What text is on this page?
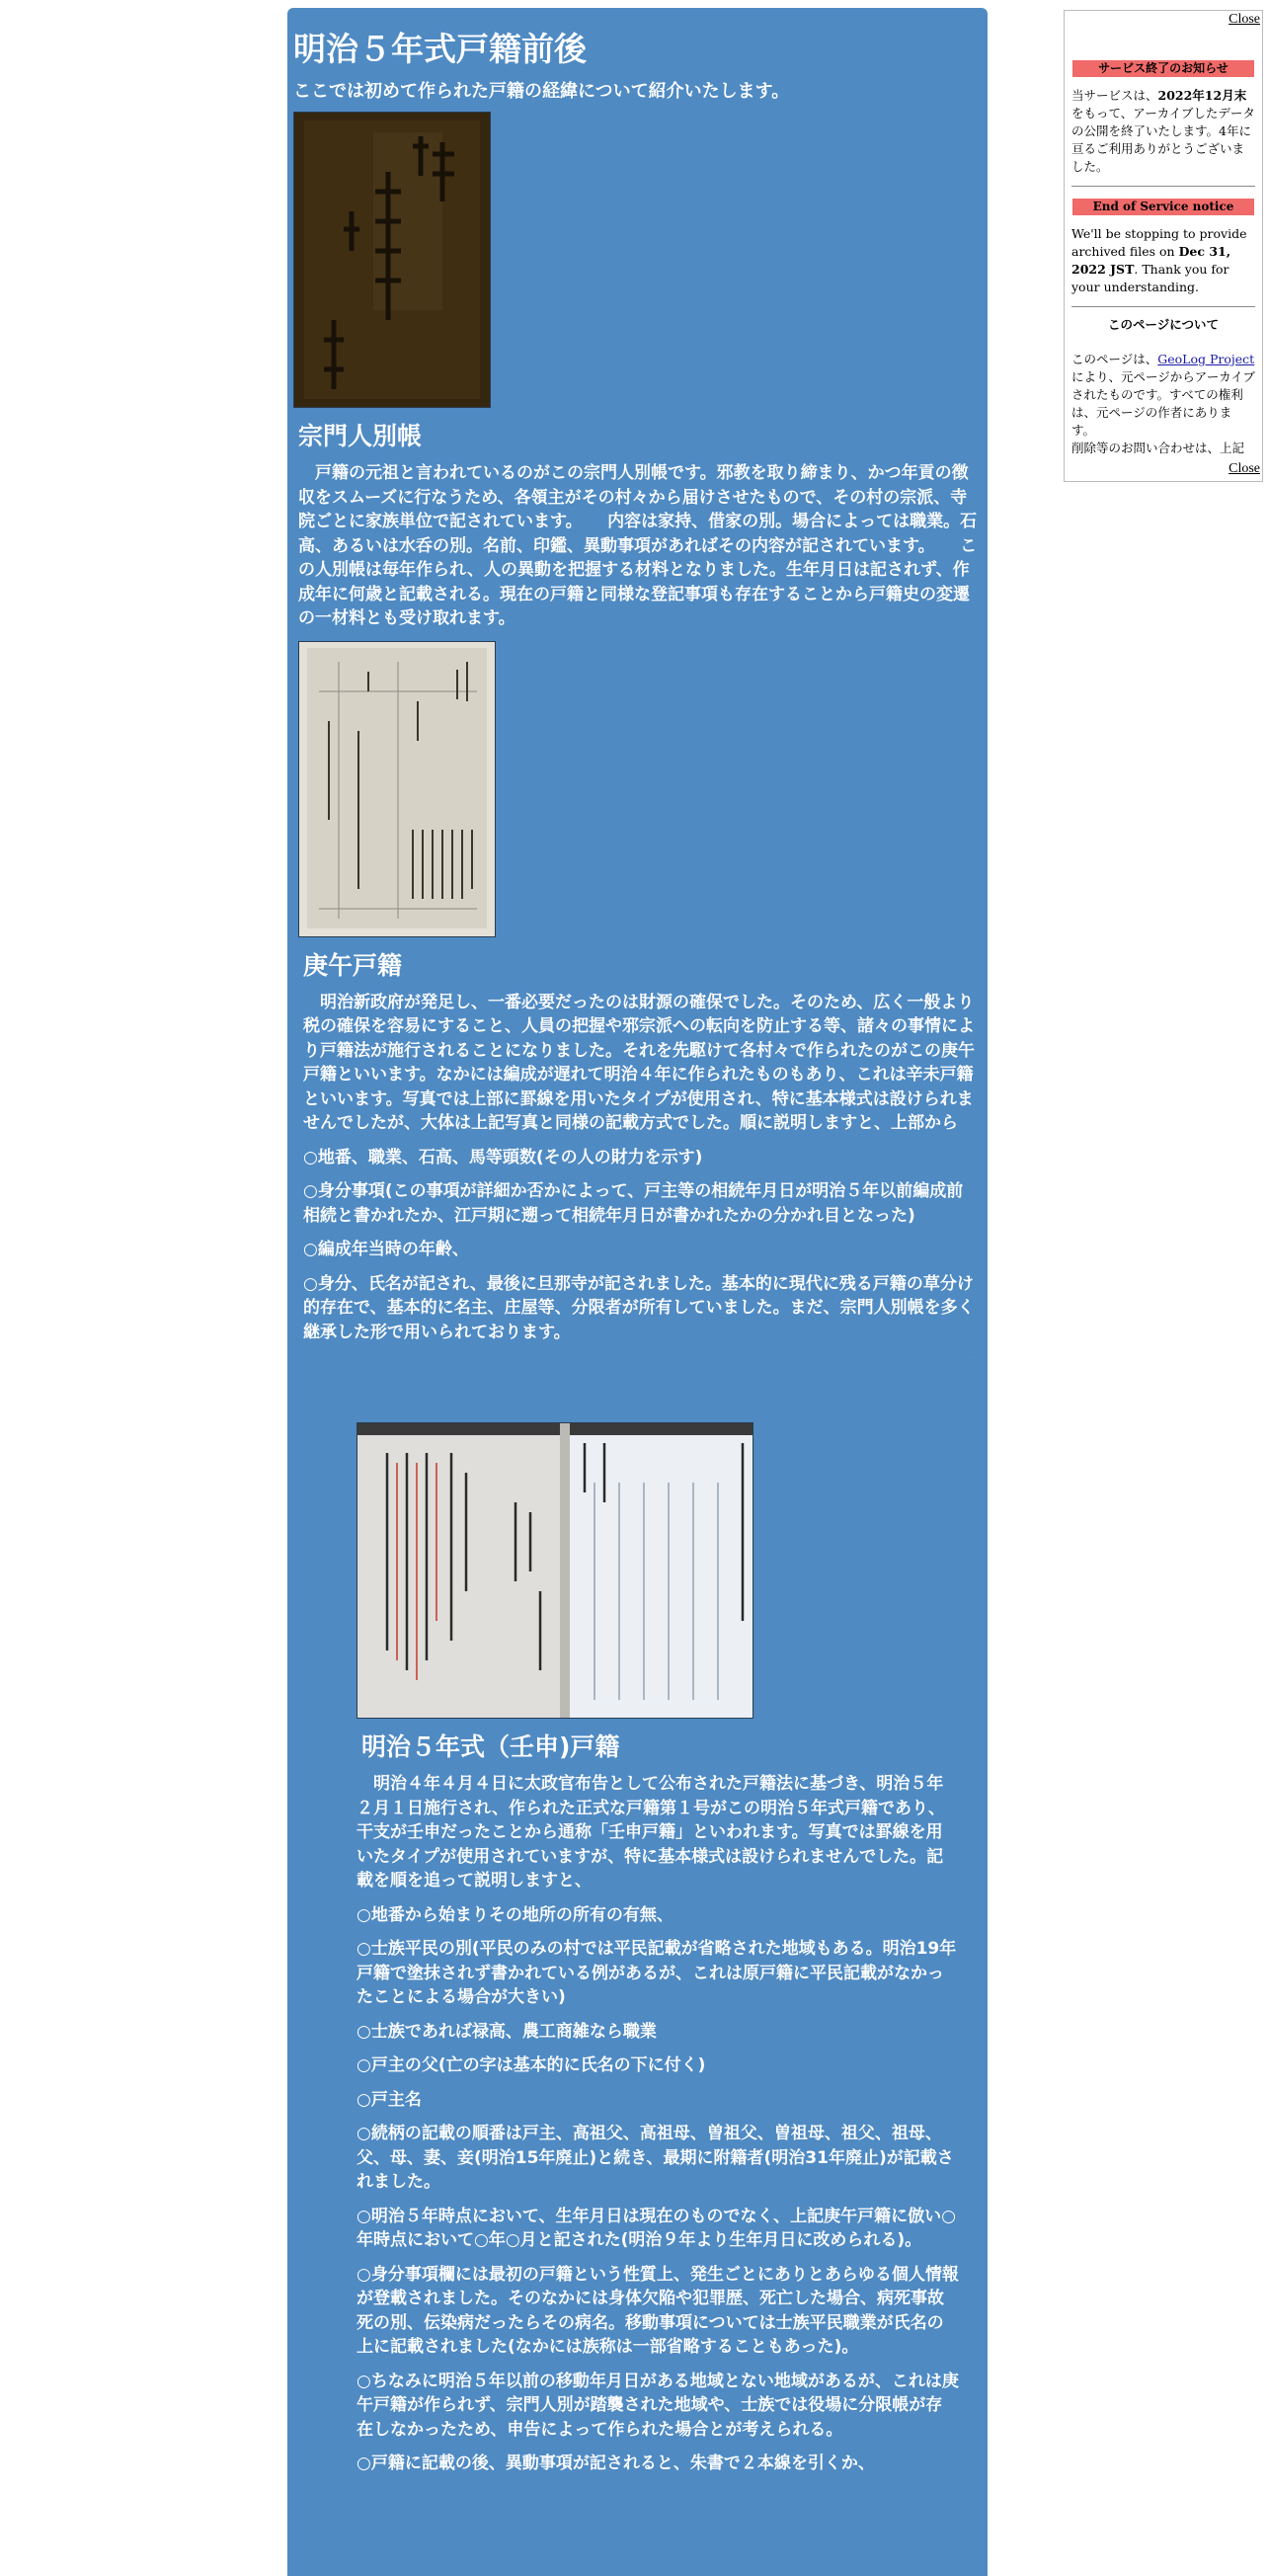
明治５年式戸籍前後

ここでは初めて作られた戸籍の経緯について紹介いたします。

宗門人別帳

　戸籍の元祖と言われているのがこの宗門人別帳です。邪教を取り締まり、かつ年貢の徴収をスムーズに行なうため、各領主がその村々から届けさせたもので、その村の宗派、寺院ごとに家族単位で記されています。　　内容は家持、借家の別。場合によっては職業。石高、あるいは水呑の別。名前、印鑑、異動事項があればその内容が記されています。　　この人別帳は毎年作られ、人の異動を把握する材料となりました。生年月日は記されず、作成年に何歳と記載される。現在の戸籍と同様な登記事項も存在することから戸籍史の変遷の一材料とも受け取れます。

庚午戸籍

　明治新政府が発足し、一番必要だったのは財源の確保でした。そのため、広く一般より税の確保を容易にすること、人員の把握や邪宗派への転向を防止する等、諸々の事情により戸籍法が施行されることになりました。それを先駆けて各村々で作られたのがこの庚午戸籍といいます。なかには編成が遅れて明治４年に作られたものもあり、これは辛未戸籍といいます。写真では上部に罫線を用いたタイプが使用され、特に基本様式は設けられませんでしたが、大体は上記写真と同様の記載方式でした。順に説明しますと、上部から

○地番、職業、石高、馬等頭数(その人の財力を示す)

○身分事項(この事項が詳細か否かによって、戸主等の相続年月日が明治５年以前編成前相続と書かれたか、江戸期に遡って相続年月日が書かれたかの分かれ目となった)

○編成年当時の年齢、

○身分、氏名が記され、最後に旦那寺が記されました。基本的に現代に残る戸籍の草分け的存在で、基本的に名主、庄屋等、分限者が所有していました。まだ、宗門人別帳を多く継承した形で用いられております。

.	.
明治５年式（壬申)戸籍

　明治４年４月４日に太政官布告として公布された戸籍法に基づき、明治５年２月１日施行され、作られた正式な戸籍第１号がこの明治５年式戸籍であり、干支が壬申だったことから通称「壬申戸籍」といわれます。写真では罫線を用いたタイプが使用されていますが、特に基本様式は設けられませんでした。記載を順を追って説明しますと、

○地番から始まりその地所の所有の有無、

○士族平民の別(平民のみの村では平民記載が省略された地域もある。明治19年戸籍で塗抹されず書かれている例があるが、これは原戸籍に平民記載がなかったことによる場合が大きい)

○士族であれば禄高、農工商雑なら職業

○戸主の父(亡の字は基本的に氏名の下に付く)

○戸主名

○続柄の記載の順番は戸主、高祖父、高祖母、曽祖父、曽祖母、祖父、祖母、父、母、妻、妾(明治15年廃止)と続き、最期に附籍者(明治31年廃止)が記載されました。

○明治５年時点において、生年月日は現在のものでなく、上記庚午戸籍に倣い○年時点において○年○月と記された(明治９年より生年月日に改められる)。

○身分事項欄には最初の戸籍という性質上、発生ごとにありとあらゆる個人情報が登載されました。そのなかには身体欠陥や犯罪歴、死亡した場合、病死事故死の別、伝染病だったらその病名。移動事項については士族平民職業が氏名の上に記載されました(なかには族称は一部省略することもあった)。

○ちなみに明治５年以前の移動年月日がある地域とない地域があるが、これは庚午戸籍が作られず、宗門人別が踏襲された地域や、士族では役場に分限帳が存在しなかったため、申告によって作られた場合とが考えられる。

○戸籍に記載の後、異動事項が記されると、朱書で２本線を引くか、

Close
サービス終了のお知らせ

当サービスは、2022年12月末をもって、アーカイブしたデータの公開を終了いたします。4年に亘るご利用ありがとうございました。

End of Service notice

We'll be stopping to provide archived files on Dec 31, 2022 JST. Thank you for your understanding.

このページについて

このページは、GeoLog Projectにより、元ページからアーカイブされたものです。すべての権利は、元ページの作者にあります。
削除等のお問い合わせは、上記

Close
